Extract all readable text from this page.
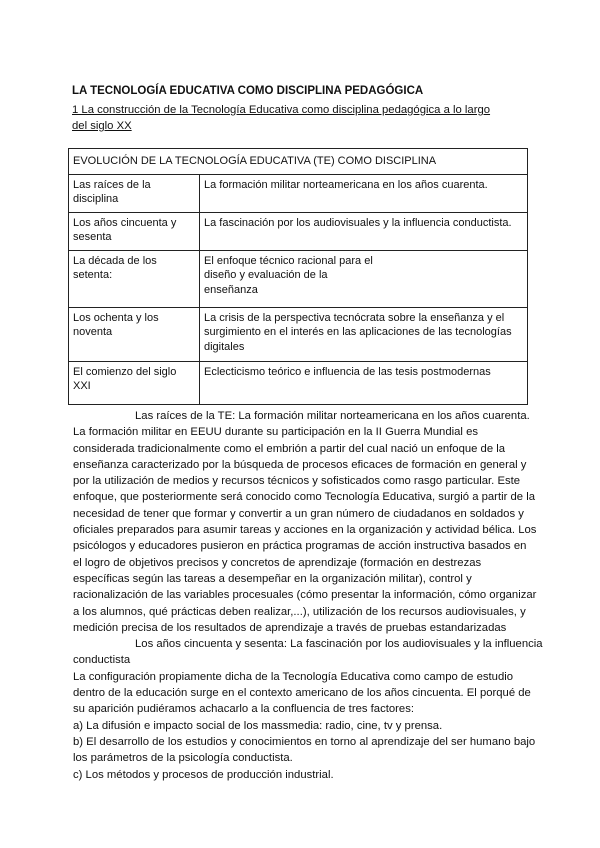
LA TECNOLOGÍA EDUCATIVA COMO DISCIPLINA PEDAGÓGICA
1 La construcción de la Tecnología Educativa como disciplina pedagógica a lo largo
del siglo XX
EVOLUCIÓN DE LA TECNOLOGÍA EDUCATIVA (TE) COMO DISCIPLINA	
Las raíces de la disciplina	La formación militar norteamericana en los años cuarenta.
Los años cincuenta y sesenta	La fascinación por los audiovisuales y la influencia conductista.
La década de los setenta:	El enfoque técnico racional para el diseño y evaluación de la enseñanza
Los ochenta y los noventa	La crisis de la perspectiva tecnócrata sobre la enseñanza y el surgimiento en el interés en las aplicaciones de las tecnologías digitales
El comienzo del siglo XXI	Eclecticismo teórico e influencia de las tesis postmodernas
Las raíces de la TE: La formación militar norteamericana en los años cuarenta.
La formación militar en EEUU durante su participación en la II Guerra Mundial es
considerada tradicionalmente como el embrión a partir del cual nació un enfoque de la
enseñanza caracterizado por la búsqueda de procesos eficaces de formación en general y
por la utilización de medios y recursos técnicos y sofisticados como rasgo particular. Este
enfoque, que posteriormente será conocido como Tecnología Educativa, surgió a partir de la
necesidad de tener que formar y convertir a un gran número de ciudadanos en soldados y
oficiales preparados para asumir tareas y acciones en la organización y actividad bélica. Los
psicólogos y educadores pusieron en práctica programas de acción instructiva basados en
el logro de objetivos precisos y concretos de aprendizaje (formación en destrezas
específicas según las tareas a desempeñar en la organización militar), control y
racionalización de las variables procesuales (cómo presentar la información, cómo organizar
a los alumnos, qué prácticas deben realizar,...), utilización de los recursos audiovisuales, y
medición precisa de los resultados de aprendizaje a través de pruebas estandarizadas
Los años cincuenta y sesenta: La fascinación por los audiovisuales y la influencia
conductista
La configuración propiamente dicha de la Tecnología Educativa como campo de estudio
dentro de la educación surge en el contexto americano de los años cincuenta. El porqué de
su aparición pudiéramos achacarlo a la confluencia de tres factores:
a) La difusión e impacto social de los massmedia: radio, cine, tv y prensa.
b) El desarrollo de los estudios y conocimientos en torno al aprendizaje del ser humano bajo
los parámetros de la psicología conductista.
c) Los métodos y procesos de producción industrial.
